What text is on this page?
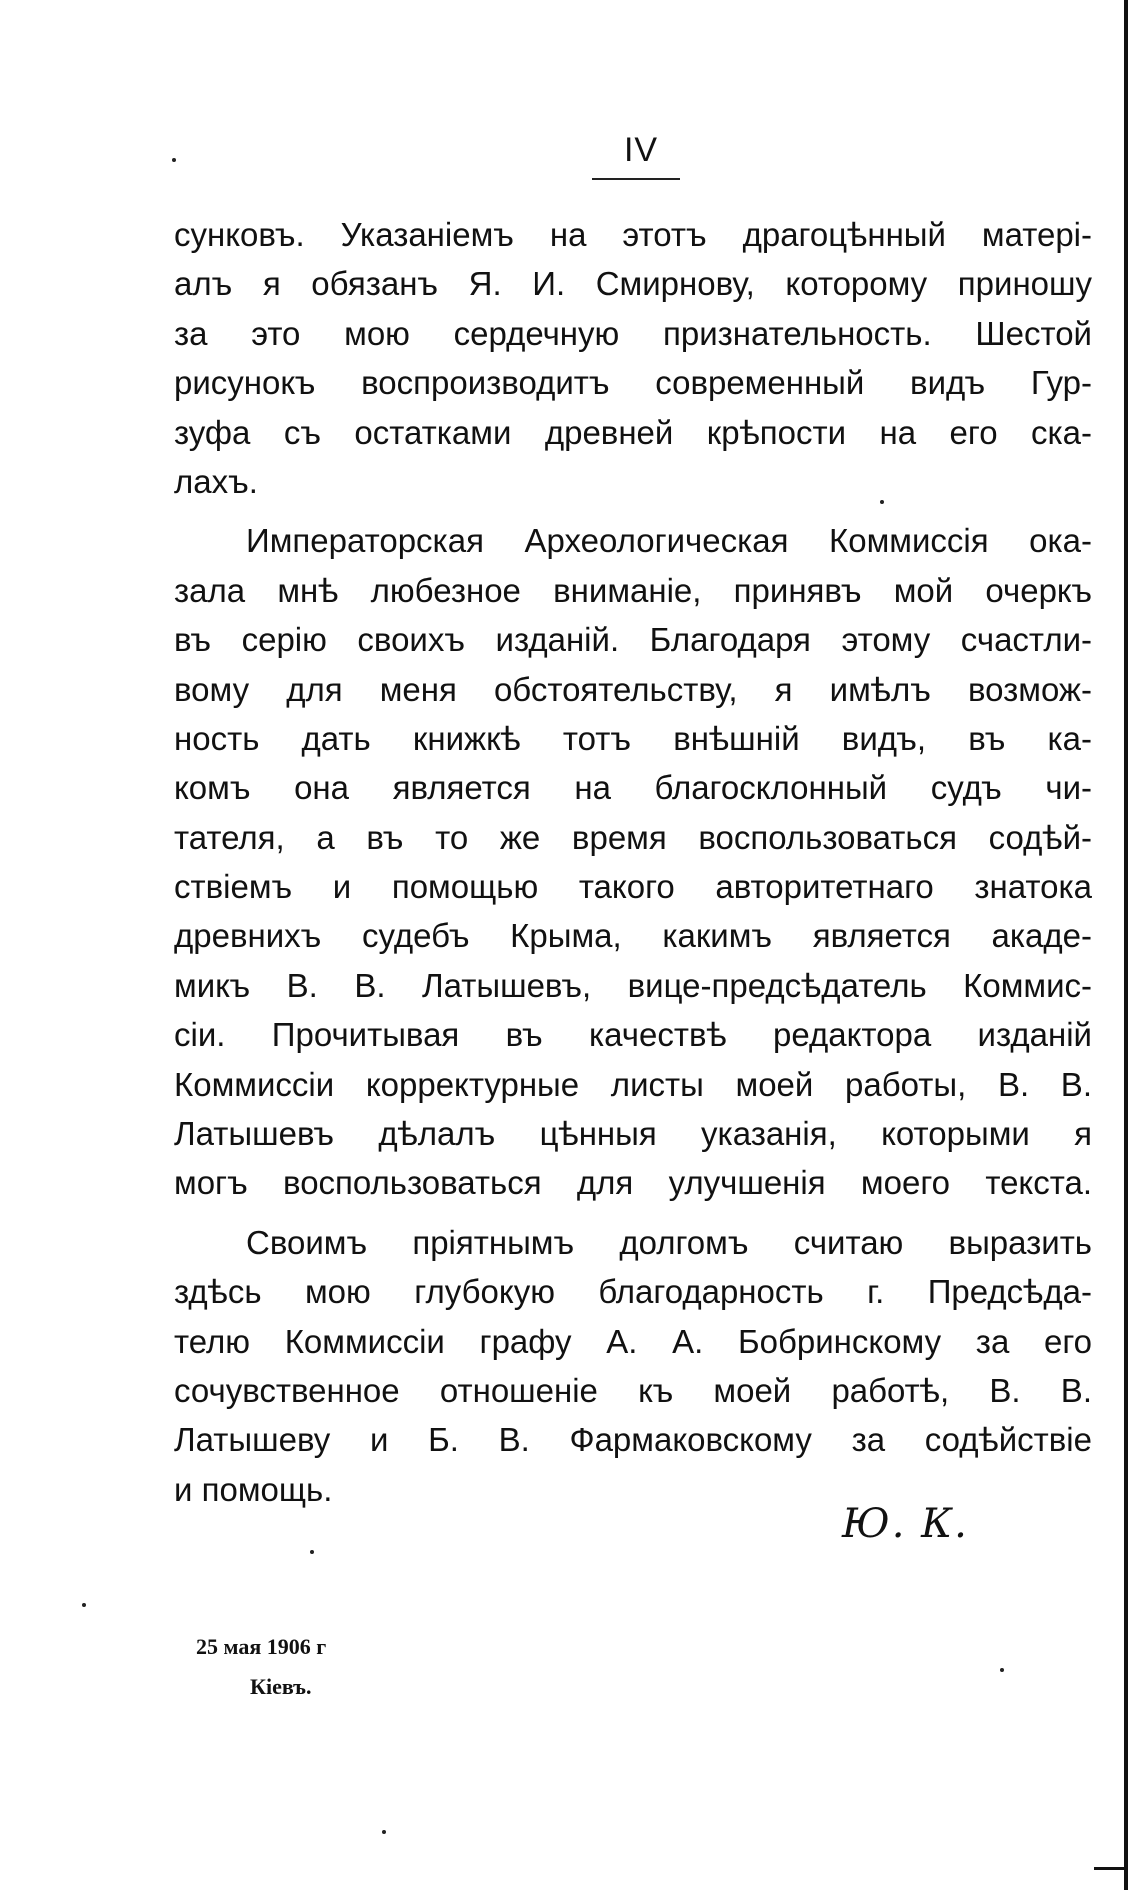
IV
сунковъ. Указаніемъ на этотъ драгоцѣнный матері-
алъ я обязанъ Я. И. Смирнову, которому приношу
за это мою сердечную признательность. Шестой
рисунокъ воспроизводитъ современный видъ Гур-
зуфа съ остатками древней крѣпости на его ска-
лахъ.
Императорская Археологическая Коммиссія ока-
зала мнѣ любезное вниманіе, принявъ мой очеркъ
въ серію своихъ изданій. Благодаря этому счастли-
вому для меня обстоятельству, я имѣлъ возмож-
ность дать книжкѣ тотъ внѣшній видъ, въ ка-
комъ она является на благосклонный судъ чи-
тателя, а въ то же время воспользоваться содѣй-
ствіемъ и помощью такого авторитетнаго знатока
древнихъ судебъ Крыма, какимъ является акаде-
микъ В. В. Латышевъ, вице-предсѣдатель Коммис-
сіи. Прочитывая въ качествѣ редактора изданій
Коммиссіи корректурные листы моей работы, В. В.
Латышевъ дѣлалъ цѣнныя указанія, которыми я
могъ воспользоваться для улучшенія моего текста.
Своимъ пріятнымъ долгомъ считаю выразить
здѣсь мою глубокую благодарность г. Предсѣда-
телю Коммиссіи графу А. А. Бобринскому за его
сочувственное отношеніе къ моей работѣ, В. В.
Латышеву и Б. В. Фармаковскому за содѣйствіе
и помощь.
Ю. К.
25 мая 1906 г
Кіевъ.
